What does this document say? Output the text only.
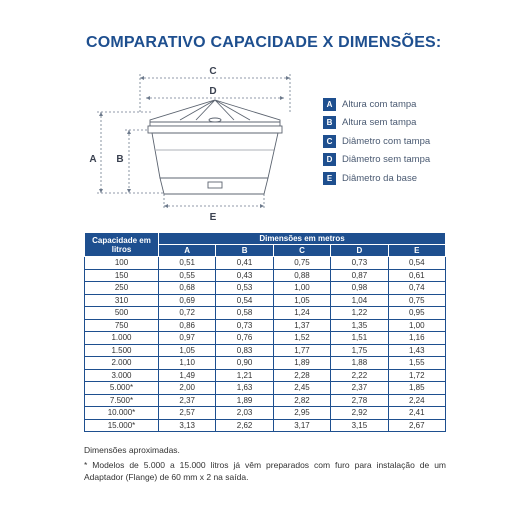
COMPARATIVO CAPACIDADE X DIMENSÕES:
C
D
A B
E
A	Altura com tampa
B	Altura sem tampa
C	Diâmetro com tampa
D	Diâmetro sem tampa
E	Diâmetro da base
Capacidade em litros	Dimensões em metros				
	A	B	C	D	E
100	0,51	0,41	0,75	0,73	0,54
150	0,55	0,43	0,88	0,87	0,61
250	0,68	0,53	1,00	0,98	0,74
310	0,69	0,54	1,05	1,04	0,75
500	0,72	0,58	1,24	1,22	0,95
750	0,86	0,73	1,37	1,35	1,00
1.000	0,97	0,76	1,52	1,51	1,16
1.500	1,05	0,83	1,77	1,75	1,43
2.000	1,10	0,90	1,89	1,88	1,55
3.000	1,49	1,21	2,28	2,22	1,72
5.000*	2,00	1,63	2,45	2,37	1,85
7.500*	2,37	1,89	2,82	2,78	2,24
10.000*	2,57	2,03	2,95	2,92	2,41
15.000*	3,13	2,62	3,17	3,15	2,67
Dimensões aproximadas.
* Modelos de 5.000 a 15.000 litros já vêm preparados com furo para instalação de um Adaptador (Flange) de 60 mm x 2 na saída.
